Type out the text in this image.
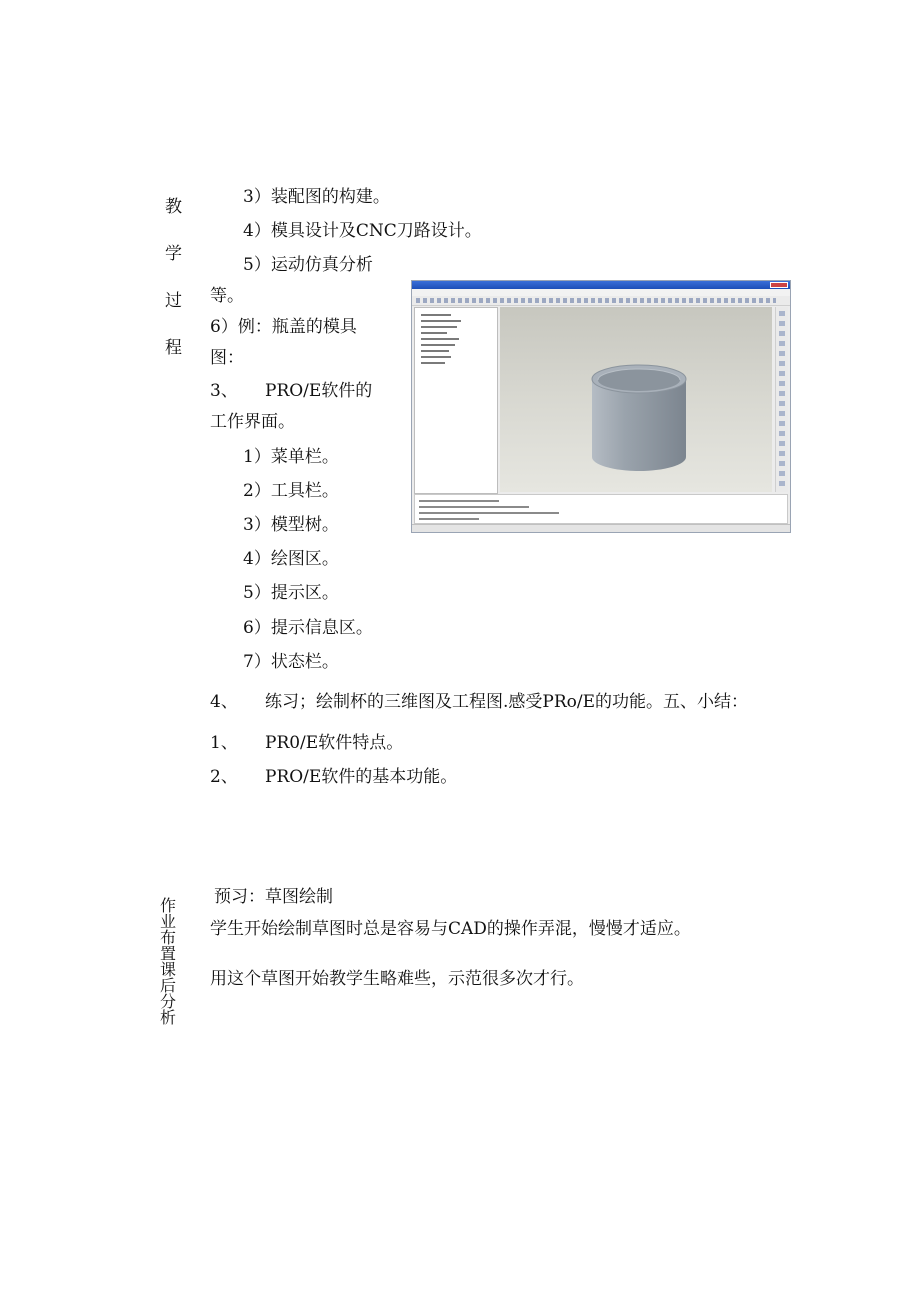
教
学
过
程
作业布置课后分析
3）装配图的构建。
4）模具设计及CNC刀路设计。
5）运动仿真分析
等。
6）例：瓶盖的模具
图：
3、 PRO/E软件的
工作界面。
1）菜单栏。
2）工具栏。
3）模型树。
4）绘图区。
5）提示区。
6）提示信息区。
7）状态栏。
4、 练习；绘制杯的三维图及工程图.感受PRo/E的功能。五、小结：
1、 PR0/E软件特点。
2、 PRO/E软件的基本功能。
预习：草图绘制
学生开始绘制草图时总是容易与CAD的操作弄混，慢慢才适应。
用这个草图开始教学生略难些，示范很多次才行。
